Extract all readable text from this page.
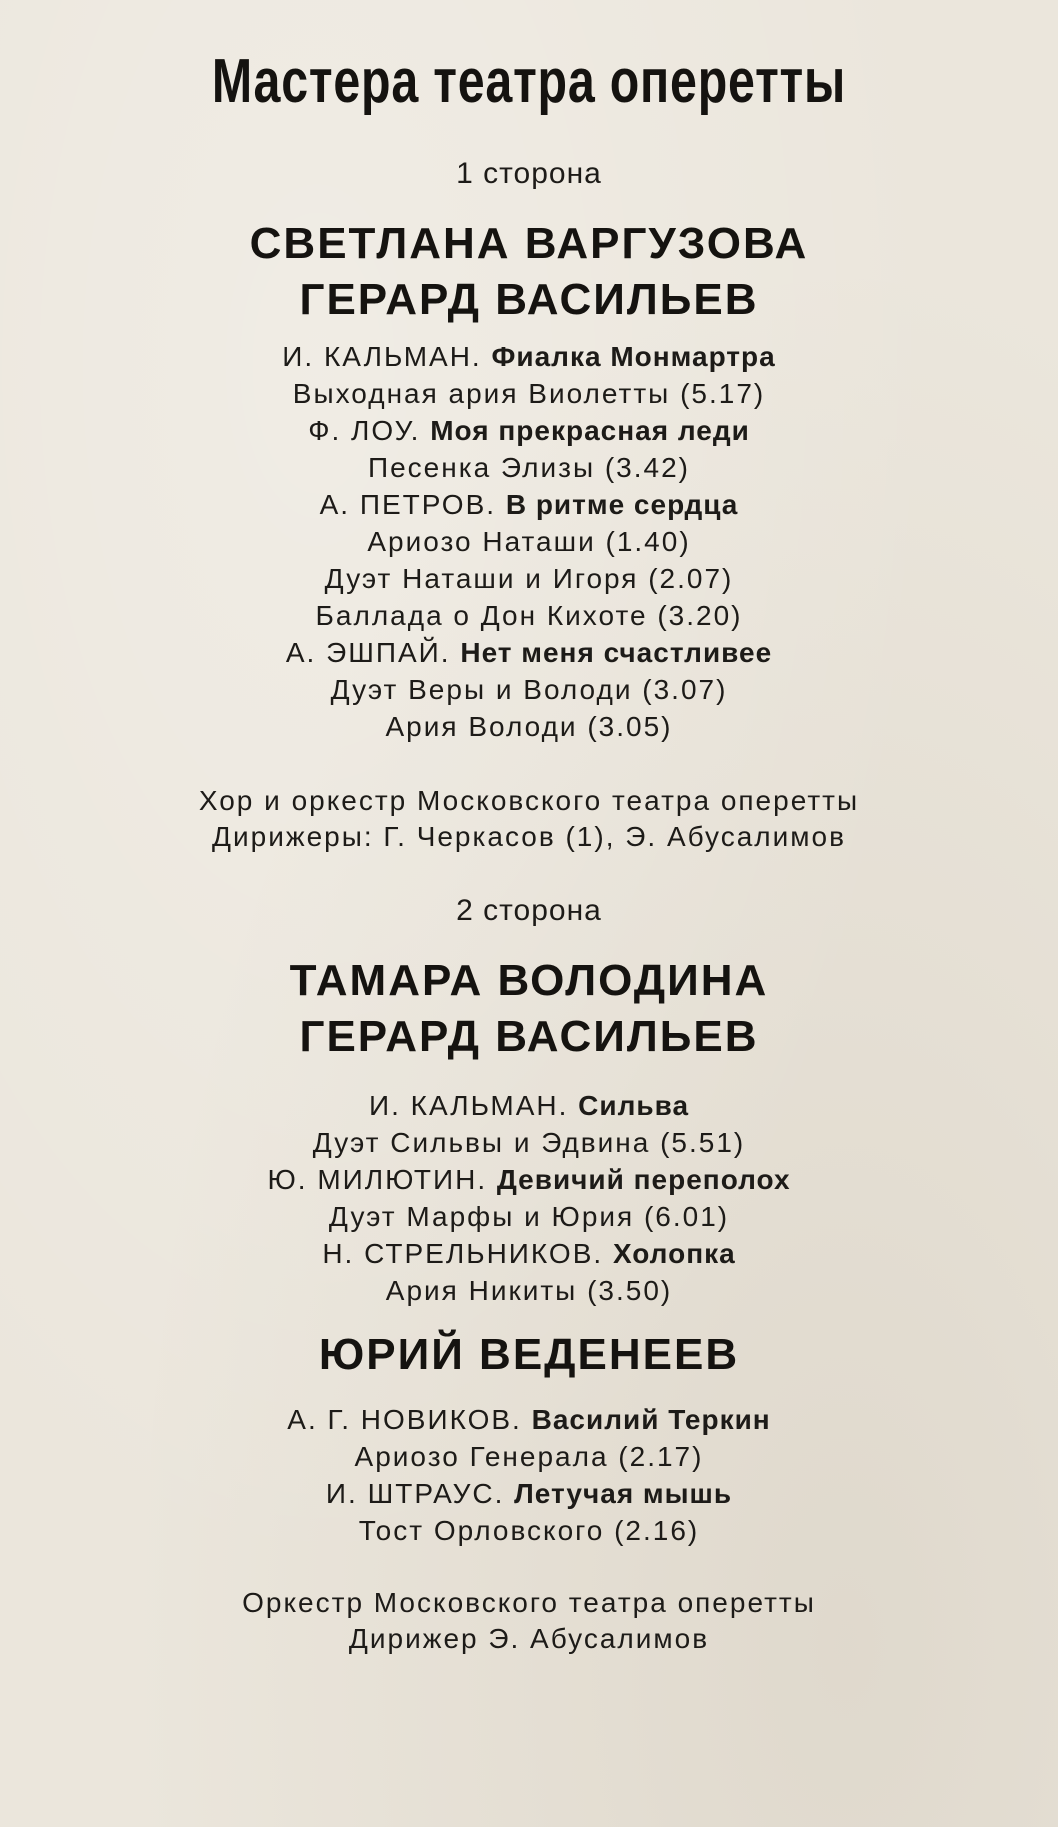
Мастера театра оперетты
1 сторона
СВЕТЛАНА ВАРГУЗОВА
ГЕРАРД ВАСИЛЬЕВ
И. КАЛЬМАН. Фиалка Монмартра
Выходная ария Виолетты (5.17)
Ф. ЛОУ. Моя прекрасная леди
Песенка Элизы (3.42)
А. ПЕТРОВ. В ритме сердца
Ариозо Наташи (1.40)
Дуэт Наташи и Игоря (2.07)
Баллада о Дон Кихоте (3.20)
А. ЭШПАЙ. Нет меня счастливее
Дуэт Веры и Володи (3.07)
Ария Володи (3.05)
Хор и оркестр Московского театра оперетты
Дирижеры: Г. Черкасов (1), Э. Абусалимов
2 сторона
ТАМАРА ВОЛОДИНА
ГЕРАРД ВАСИЛЬЕВ
И. КАЛЬМАН. Сильва
Дуэт Сильвы и Эдвина (5.51)
Ю. МИЛЮТИН. Девичий переполох
Дуэт Марфы и Юрия (6.01)
Н. СТРЕЛЬНИКОВ. Холопка
Ария Никиты (3.50)
ЮРИЙ ВЕДЕНЕЕВ
А. Г. НОВИКОВ. Василий Теркин
Ариозо Генерала (2.17)
И. ШТРАУС. Летучая мышь
Тост Орловского (2.16)
Оркестр Московского театра оперетты
Дирижер Э. Абусалимов
